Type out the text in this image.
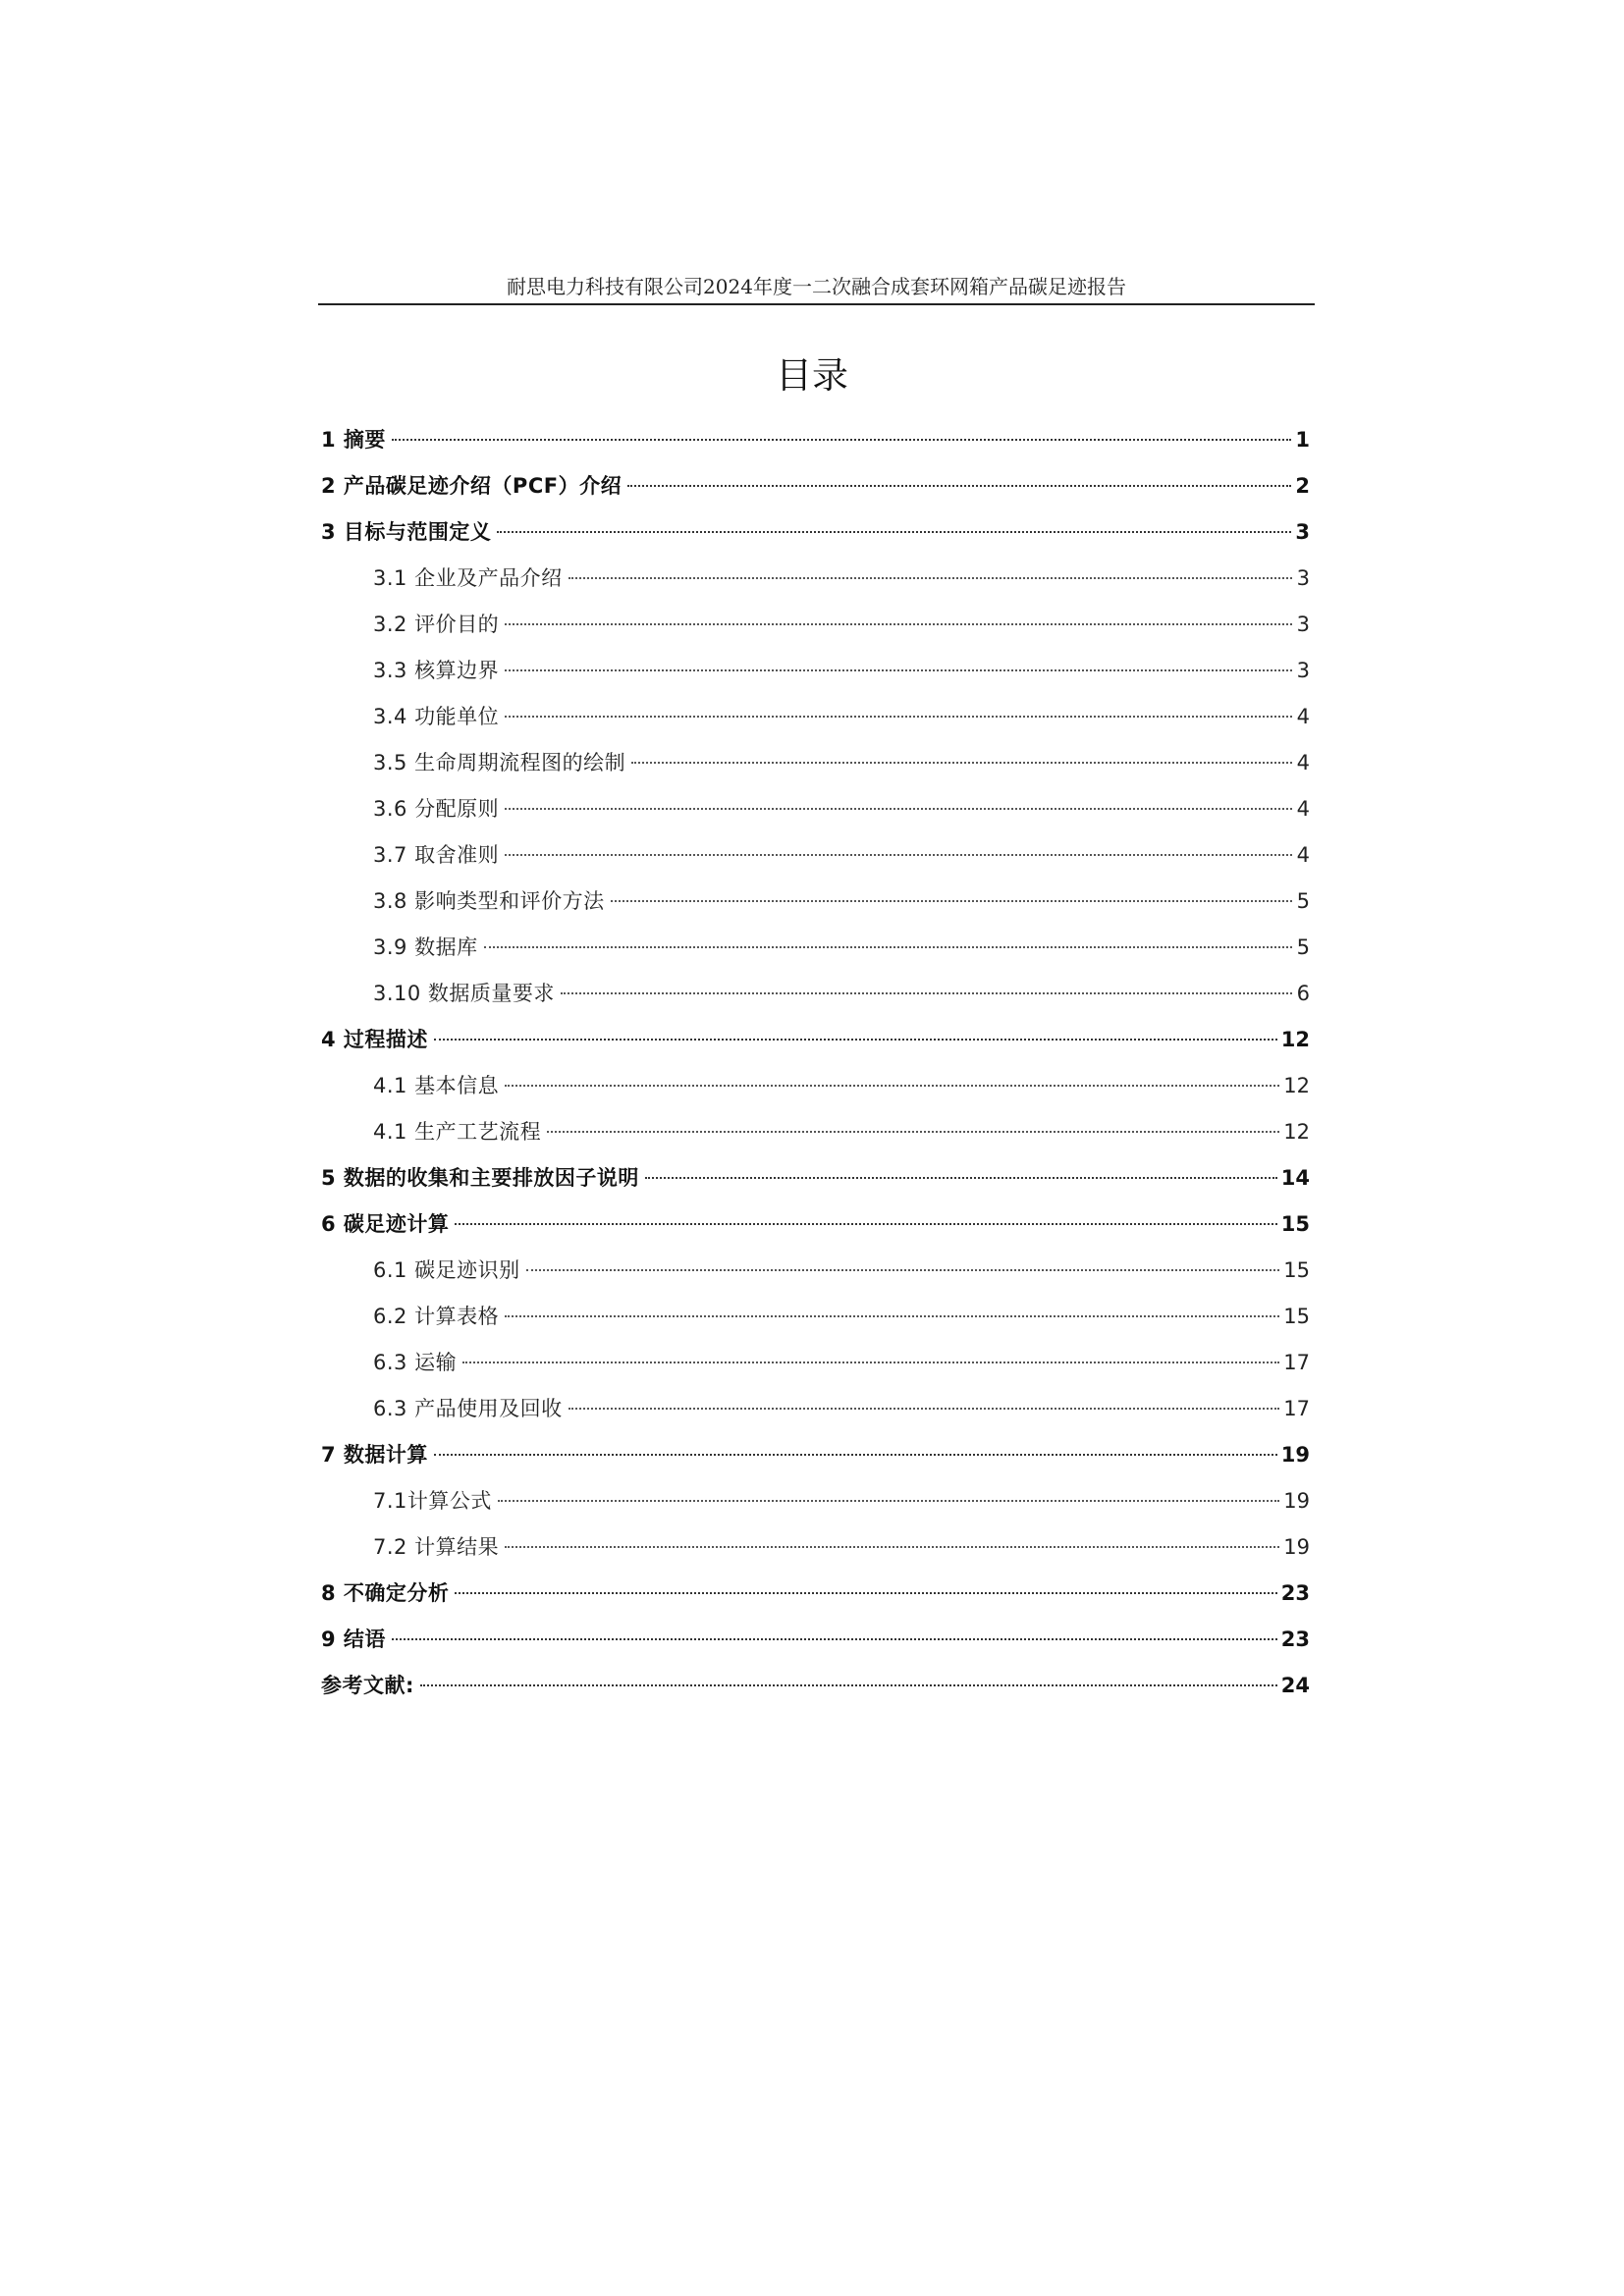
耐思电力科技有限公司2024年度一二次融合成套环网箱产品碳足迹报告
目录
1 摘要	1
2 产品碳足迹介绍（PCF）介绍	2
3 目标与范围定义	3
3.1 企业及产品介绍	3
3.2 评价目的	3
3.3 核算边界	3
3.4 功能单位	4
3.5 生命周期流程图的绘制	4
3.6 分配原则	4
3.7 取舍准则	4
3.8 影响类型和评价方法	5
3.9 数据库	5
3.10 数据质量要求	6
4 过程描述	12
4.1 基本信息	12
4.1 生产工艺流程	12
5 数据的收集和主要排放因子说明	14
6 碳足迹计算	15
6.1 碳足迹识别	15
6.2 计算表格	15
6.3 运输	17
6.3 产品使用及回收	17
7 数据计算	19
7.1计算公式	19
7.2 计算结果	19
8 不确定分析	23
9 结语	23
参考文献:	24
